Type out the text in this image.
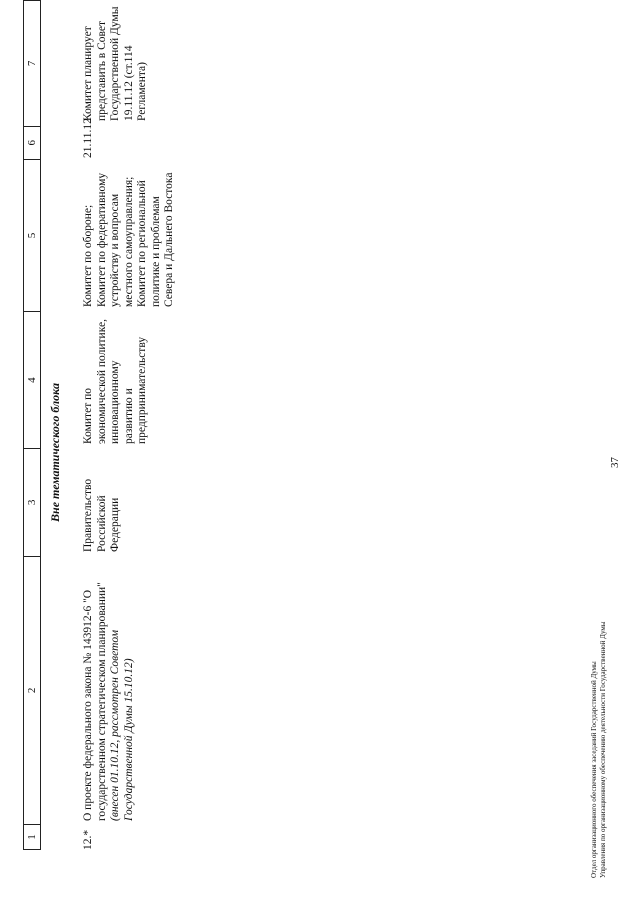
37
1
2
3
4
5
6
7
Вне тематического блока
12.*
О проекте федерального закона № 143912-6 "О государственном стратегическом планировании" (внесен 01.10.12, рассмотрен Советом Государственной Думы 15.10.12)
Правительство Российской Федерации
Комитет по экономической политике, инновационному развитию и предпринимательству
Комитет по обороне; Комитет по федеративному устройству и вопросам местного самоуправления; Комитет по региональной политике и проблемам Севера и Дальнего Востока
21.11.12
Комитет планирует представить в Совет Государственной Думы 19.11.12 (ст.114 Регламента)
Отдел организационного обеспечения заседаний Государственной Думы Управления по организационному обеспечению деятельности Государственной Думы
